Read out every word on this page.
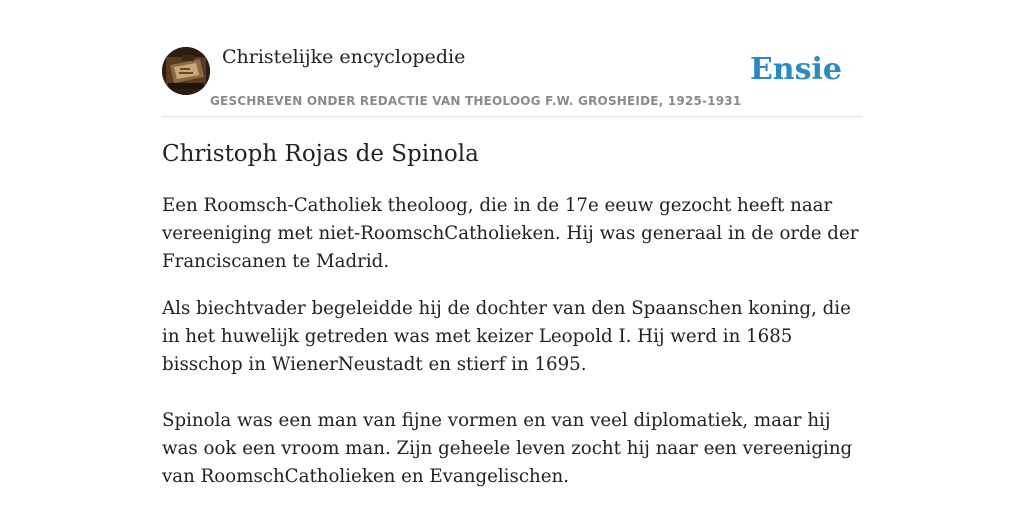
Christelijke encyclopedie
GESCHREVEN ONDER REDACTIE VAN THEOLOOG F.W. GROSHEIDE, 1925-1931
Ensie
Christoph Rojas de Spinola

Een Roomsch-Catholiek theoloog, die in de 17e eeuw gezocht heeft naar vereeniging met niet-RoomschCatholieken. Hij was generaal in de orde der Franciscanen te Madrid.

Als biechtvader begeleidde hij de dochter van den Spaanschen koning, die in het huwelijk getreden was met keizer Leopold I. Hij werd in 1685 bisschop in WienerNeustadt en stierf in 1695.

Spinola was een man van fijne vormen en van veel diplomatiek, maar hij was ook een vroom man. Zijn geheele leven zocht hij naar een vereeniging van RoomschCatholieken en Evangelischen.
